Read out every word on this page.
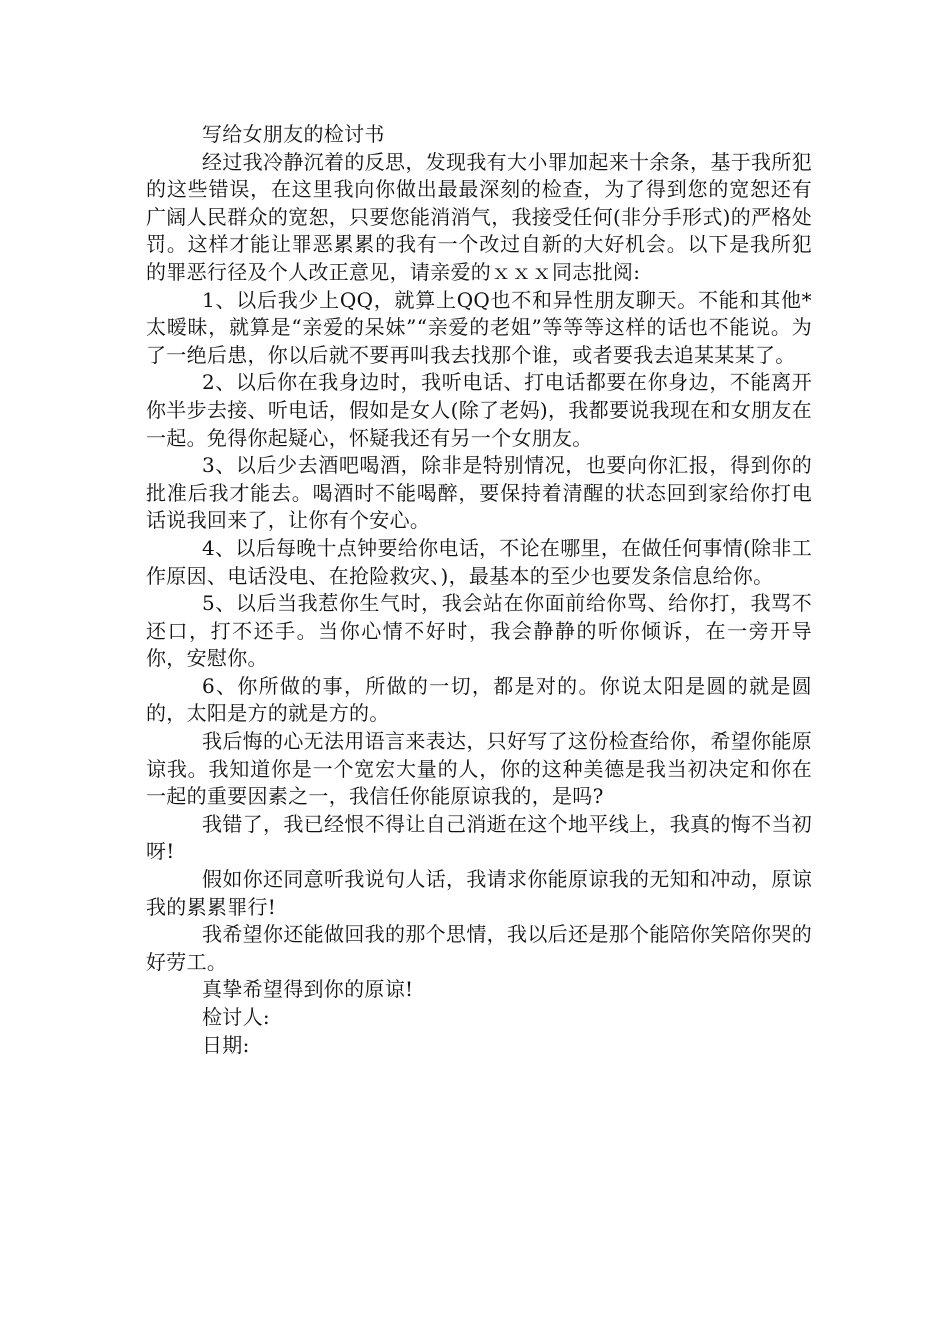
写给女朋友的检讨书

经过我冷静沉着的反思，发现我有大小罪加起来十余条，基于我所犯的这些错误，在这里我向你做出最最深刻的检查，为了得到您的宽恕还有广阔人民群众的宽恕，只要您能消消气，我接受任何(非分手形式)的严格处罚。这样才能让罪恶累累的我有一个改过自新的大好机会。以下是我所犯的罪恶行径及个人改正意见，请亲爱的ｘｘｘ同志批阅:

1、以后我少上QQ，就算上QQ也不和异性朋友聊天。不能和其他*太暧昧，就算是“亲爱的呆妹”“亲爱的老姐”等等等这样的话也不能说。为了一绝后患，你以后就不要再叫我去找那个谁，或者要我去追某某某了。

2、以后你在我身边时，我听电话、打电话都要在你身边，不能离开你半步去接、听电话，假如是女人(除了老妈)，我都要说我现在和女朋友在一起。免得你起疑心，怀疑我还有另一个女朋友。

3、以后少去酒吧喝酒，除非是特别情况，也要向你汇报，得到你的批准后我才能去。喝酒时不能喝醉，要保持着清醒的状态回到家给你打电话说我回来了，让你有个安心。

4、以后每晚十点钟要给你电话，不论在哪里，在做任何事情(除非工作原因、电话没电、在抢险救灾、)，最基本的至少也要发条信息给你。

5、以后当我惹你生气时，我会站在你面前给你骂、给你打，我骂不还口，打不还手。当你心情不好时，我会静静的听你倾诉，在一旁开导你，安慰你。

6、你所做的事，所做的一切，都是对的。你说太阳是圆的就是圆的，太阳是方的就是方的。

我后悔的心无法用语言来表达，只好写了这份检查给你，希望你能原谅我。我知道你是一个宽宏大量的人，你的这种美德是我当初决定和你在一起的重要因素之一，我信任你能原谅我的，是吗?

我错了，我已经恨不得让自己消逝在这个地平线上，我真的悔不当初呀!

假如你还同意听我说句人话，我请求你能原谅我的无知和冲动，原谅我的累累罪行!

我希望你还能做回我的那个思情，我以后还是那个能陪你笑陪你哭的好劳工。

真挚希望得到你的原谅!

检讨人:

日期:
